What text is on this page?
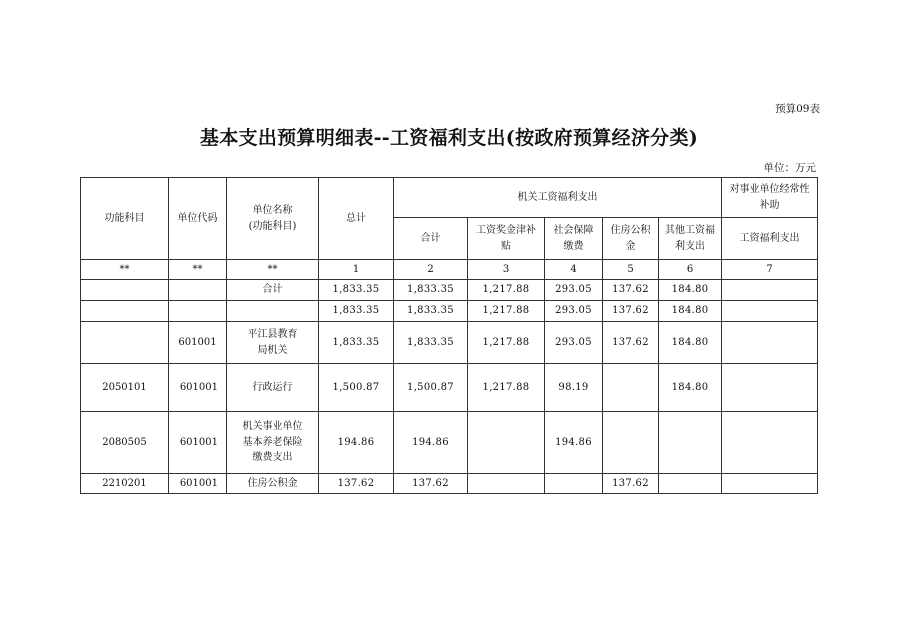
预算09表
基本支出预算明细表--工资福利支出(按政府预算经济分类)
单位：万元
功能科目	单位代码	单位名称(功能科目)	总计	机关工资福利支出					对事业单位经常性补助
				合计	工资奖金津补贴	社会保障缴费	住房公积金	其他工资福利支出	工资福利支出
**	**	**	1	2	3	4	5	6	7
		合计	1,833.35	1,833.35	1,217.88	293.05	137.62	184.80	
			1,833.35	1,833.35	1,217.88	293.05	137.62	184.80	
	601001	平江县教育局机关	1,833.35	1,833.35	1,217.88	293.05	137.62	184.80	
2050101	601001	行政运行	1,500.87	1,500.87	1,217.88	98.19		184.80	
2080505	601001	机关事业单位基本养老保险缴费支出	194.86	194.86		194.86			
2210201	601001	住房公积金	137.62	137.62			137.62		
